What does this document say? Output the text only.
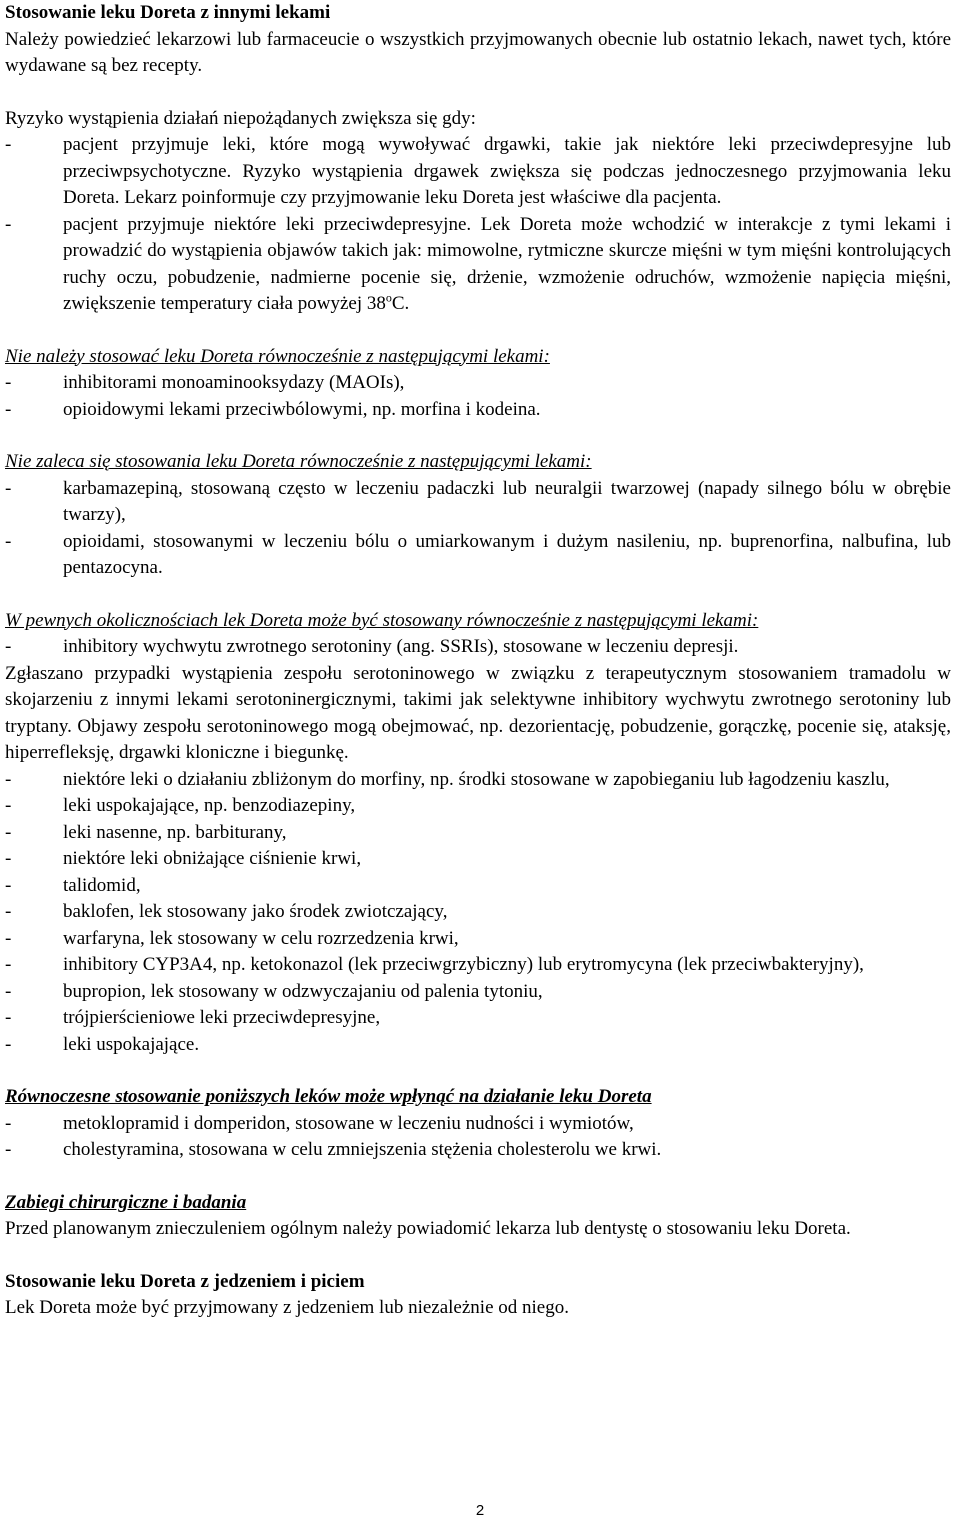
Stosowanie leku Doreta z innymi lekami

Należy powiedzieć lekarzowi lub farmaceucie o wszystkich przyjmowanych obecnie lub ostatnio lekach, nawet tych, które wydawane są bez recepty.

Ryzyko wystąpienia działań niepożądanych zwiększa się gdy:

- pacjent przyjmuje leki, które mogą wywoływać drgawki, takie jak niektóre leki przeciwdepresyjne lub przeciwpsychotyczne. Ryzyko wystąpienia drgawek zwiększa się podczas jednoczesnego przyjmowania leku Doreta. Lekarz poinformuje czy przyjmowanie leku Doreta jest właściwe dla pacjenta.
- pacjent przyjmuje niektóre leki przeciwdepresyjne. Lek Doreta może wchodzić w interakcje z tymi lekami i prowadzić do wystąpienia objawów takich jak: mimowolne, rytmiczne skurcze mięśni w tym mięśni kontrolujących ruchy oczu, pobudzenie, nadmierne pocenie się, drżenie, wzmożenie odruchów, wzmożenie napięcia mięśni, zwiększenie temperatury ciała powyżej 38$^o$C.
Nie należy stosować leku Doreta równocześnie z następującymi lekami:
- inhibitorami monoaminooksydazy (MAOIs),
- opioidowymi lekami przeciwbólowymi, np. morfina i kodeina.
Nie zaleca się stosowania leku Doreta równocześnie z następującymi lekami:
- karbamazepiną, stosowaną często w leczeniu padaczki lub neuralgii twarzowej (napady silnego bólu w obrębie twarzy),
- opioidami, stosowanymi w leczeniu bólu o umiarkowanym i dużym nasileniu, np. buprenorfina, nalbufina, lub pentazocyna.
W pewnych okolicznościach lek Doreta może być stosowany równocześnie z następującymi lekami:
- inhibitory wychwytu zwrotnego serotoniny (ang. SSRIs), stosowane w leczeniu depresji.

Zgłaszano przypadki wystąpienia zespołu serotoninowego w związku z terapeutycznym stosowaniem tramadolu w skojarzeniu z innymi lekami serotoninergicznymi, takimi jak selektywne inhibitory wychwytu zwrotnego serotoniny lub tryptany. Objawy zespołu serotoninowego mogą obejmować, np. dezorientację, pobudzenie, gorączkę, pocenie się, ataksję, hiperrefleksję, drgawki kloniczne i biegunkę.

- niektóre leki o działaniu zbliżonym do morfiny, np. środki stosowane w zapobieganiu lub łagodzeniu kaszlu,
- leki uspokajające, np. benzodiazepiny,
- leki nasenne, np. barbiturany,
- niektóre leki obniżające ciśnienie krwi,
- talidomid,
- baklofen, lek stosowany jako środek zwiotczający,
- warfaryna, lek stosowany w celu rozrzedzenia krwi,
- inhibitory CYP3A4, np. ketokonazol (lek przeciwgrzybiczny) lub erytromycyna (lek przeciwbakteryjny),
- bupropion, lek stosowany w odzwyczajaniu od palenia tytoniu,
- trójpierścieniowe leki przeciwdepresyjne,
- leki uspokajające.
Równoczesne stosowanie poniższych leków może wpłynąć na działanie leku Doreta
- metoklopramid i domperidon, stosowane w leczeniu nudności i wymiotów,
- cholestyramina, stosowana w celu zmniejszenia stężenia cholesterolu we krwi.
Zabiegi chirurgiczne i badania

Przed planowanym znieczuleniem ogólnym należy powiadomić lekarza lub dentystę o stosowaniu leku Doreta.

Stosowanie leku Doreta z jedzeniem i piciem

Lek Doreta może być przyjmowany z jedzeniem lub niezależnie od niego.

2
